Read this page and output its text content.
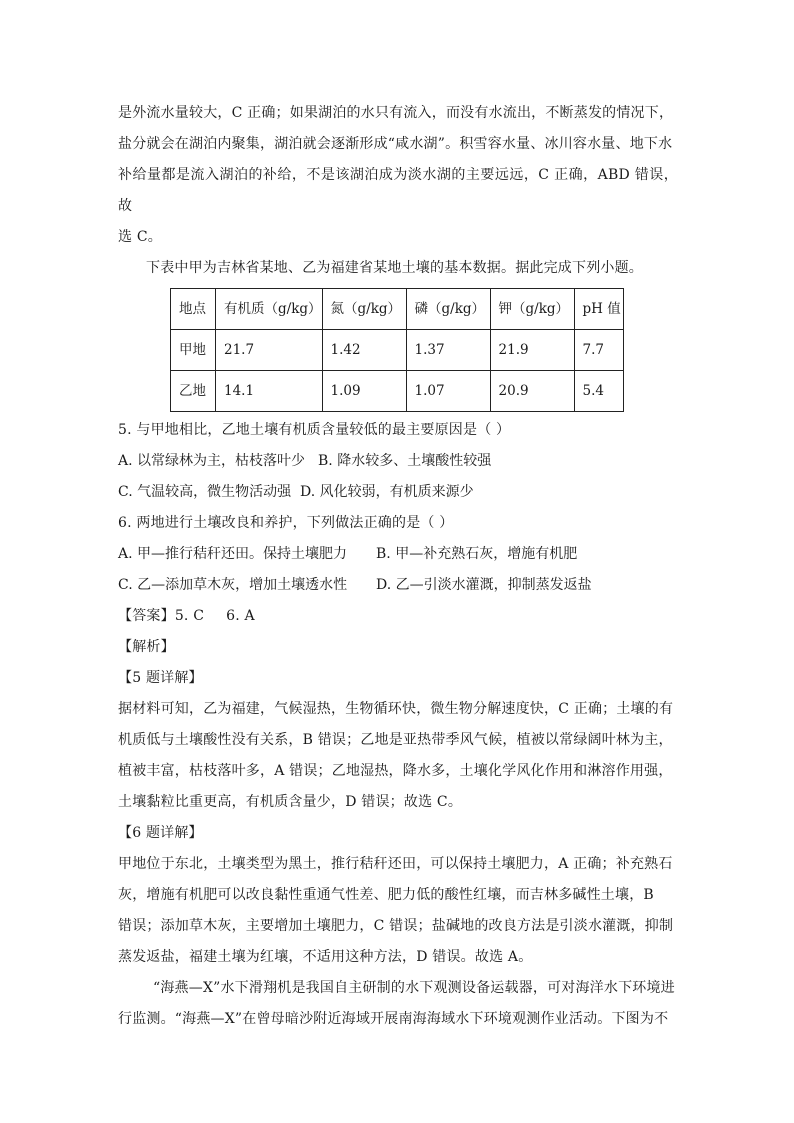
是外流水量较大，C 正确；如果湖泊的水只有流入，而没有水流出，不断蒸发的情况下，

盐分就会在湖泊内聚集，湖泊就会逐渐形成“咸水湖”。积雪容水量、冰川容水量、地下水

补给量都是流入湖泊的补给，不是该湖泊成为淡水湖的主要远远，C 正确，ABD 错误，故

选 C。

下表中甲为吉林省某地、乙为福建省某地土壤的基本数据。据此完成下列小题。

地点	有机质（g/kg）	氮（g/kg）	磷（g/kg）	钾（g/kg）	pH 值
甲地	21.7	1.42	1.37	21.9	7.7
乙地	14.1	1.09	1.07	20.9	5.4

5. 与甲地相比，乙地土壤有机质含量较低的最主要原因是（ ）

A. 以常绿林为主，枯枝落叶少 B. 降水较多、土壤酸性较强
C. 气温较高，微生物活动强 D. 风化较弱，有机质来源少

6. 两地进行土壤改良和养护，下列做法正确的是（ ）

A. 甲—推行秸秆还田。保持土壤肥力	B. 甲—补充熟石灰，增施有机肥
C. 乙—添加草木灰，增加土壤透水性	D. 乙—引淡水灌溉，抑制蒸发返盐

【答案】5. C 6. A

【解析】

【5 题详解】

据材料可知，乙为福建，气候湿热，生物循环快，微生物分解速度快，C 正确；土壤的有

机质低与土壤酸性没有关系，B 错误；乙地是亚热带季风气候，植被以常绿阔叶林为主，

植被丰富，枯枝落叶多，A 错误；乙地湿热，降水多，土壤化学风化作用和淋溶作用强，

土壤黏粒比重更高，有机质含量少，D 错误；故选 C。

【6 题详解】

甲地位于东北，土壤类型为黑土，推行秸秆还田，可以保持土壤肥力，A 正确；补充熟石

灰，增施有机肥可以改良黏性重通气性差、肥力低的酸性红壤，而吉林多碱性土壤，B

错误；添加草木灰，主要增加土壤肥力，C 错误；盐碱地的改良方法是引淡水灌溉，抑制

蒸发返盐，福建土壤为红壤，不适用这种方法，D 错误。故选 A。

“海燕—X”水下滑翔机是我国自主研制的水下观测设备运载器，可对海洋水下环境进

行监测。“海燕—X”在曾母暗沙附近海域开展南海海域水下环境观测作业活动。下图为不
